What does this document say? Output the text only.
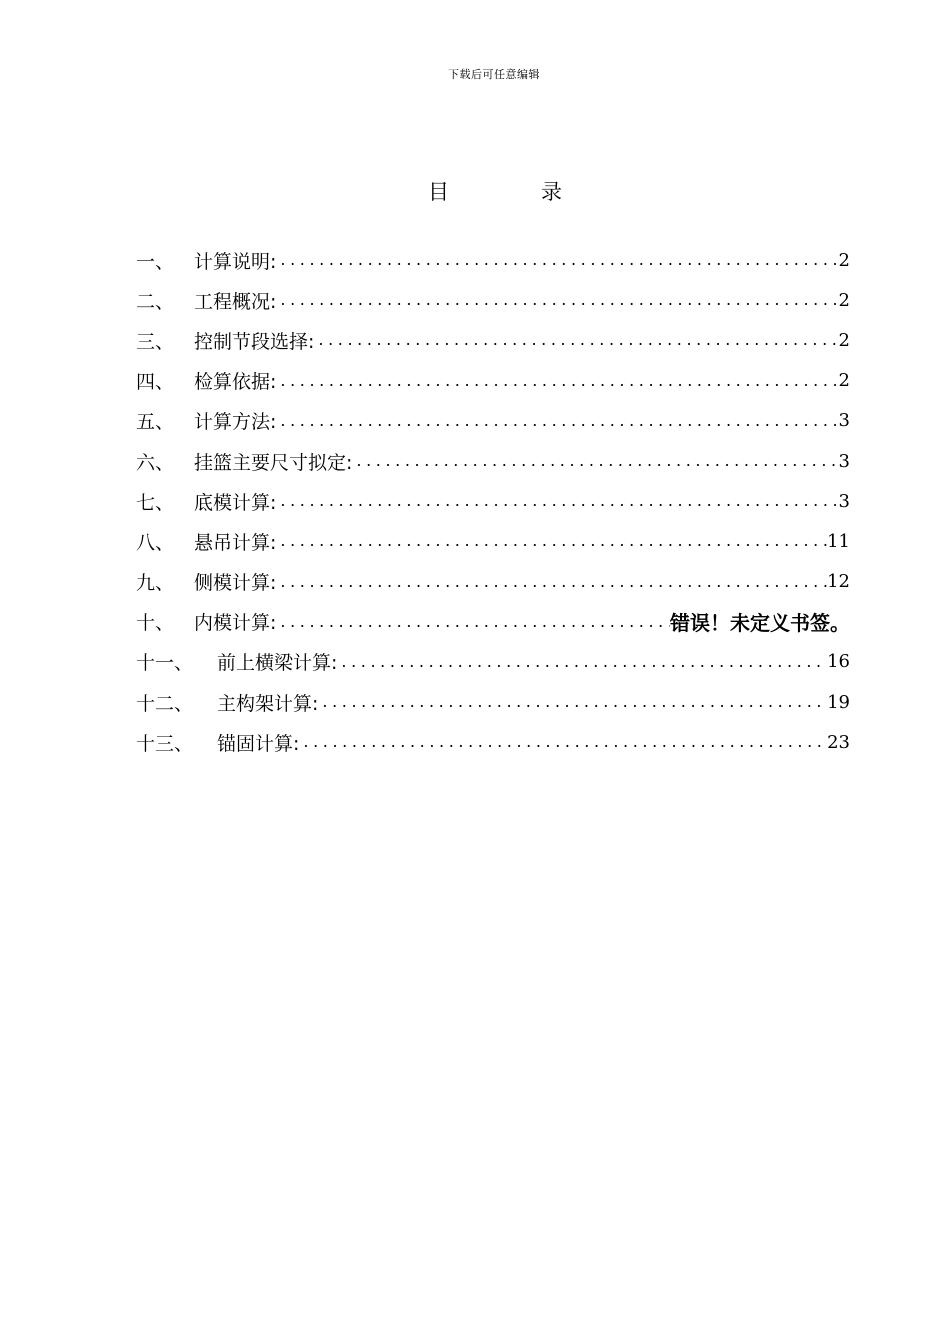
下载后可任意编辑
目	录
一、	计算说明: .....	2
二、	工程概况: .....	2
三、	控制节段选择: .....	2
四、	检算依据: .....	2
五、	计算方法: .....	3
六、	挂篮主要尺寸拟定: .....	3
七、	底模计算: .....	3
八、	悬吊计算: .....	11
九、	侧模计算: .....	12
十、	内模计算: .....	错误！未定义书签。
十一、	前上横梁计算: .....	16
十二、	主构架计算: .....	19
十三、	锚固计算: .....	23
